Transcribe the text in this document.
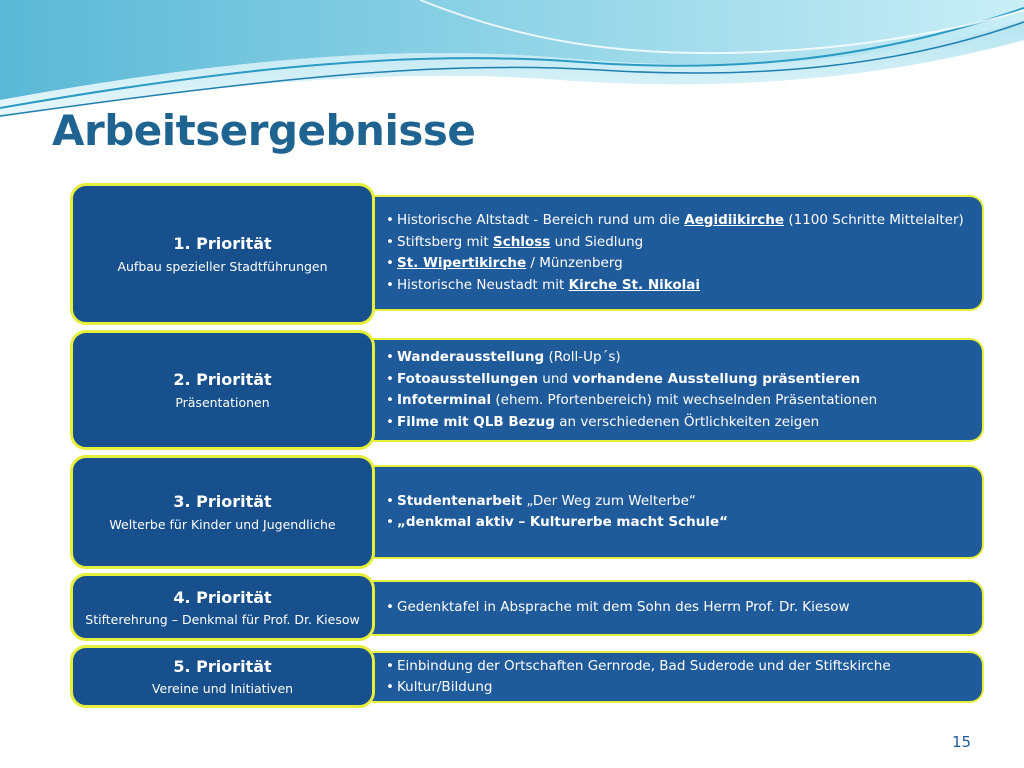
Arbeitsergebnisse
• Historische Altstadt - Bereich rund um die Aegidiikirche (1100 Schritte Mittelalter)
• Stiftsberg mit Schloss und Siedlung
• St. Wipertikirche / Münzenberg
• Historische Neustadt mit Kirche St. Nikolai
1. Priorität
Aufbau spezieller Stadtführungen
• Wanderausstellung (Roll-Up´s)
• Fotoausstellungen und vorhandene Ausstellung präsentieren
• Infoterminal (ehem. Pfortenbereich) mit wechselnden Präsentationen
• Filme mit QLB Bezug an verschiedenen Örtlichkeiten zeigen
2. Priorität
Präsentationen
• Studentenarbeit „Der Weg zum Welterbe“
• „denkmal aktiv – Kulturerbe macht Schule“
3. Priorität
Welterbe für Kinder und Jugendliche
• Gedenktafel in Absprache mit dem Sohn des Herrn Prof. Dr. Kiesow
4. Priorität
Stifterehrung – Denkmal für Prof. Dr. Kiesow
• Einbindung der Ortschaften Gernrode, Bad Suderode und der Stiftskirche
• Kultur/Bildung
5. Priorität
Vereine und Initiativen
15
